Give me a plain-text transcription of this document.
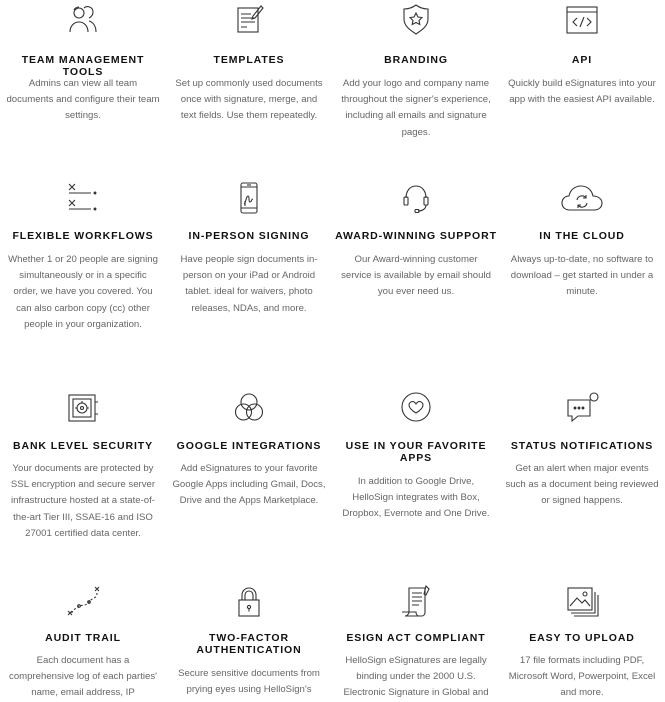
TEAM MANAGEMENT TOOLS
Admins can view all team documents and configure their team settings.
TEMPLATES
Set up commonly used documents once with signature, merge, and text fields. Use them repeatedly.
BRANDING
Add your logo and company name throughout the signer's experience, including all emails and signature pages.
API
Quickly build eSignatures into your app with the easiest API available.
FLEXIBLE WORKFLOWS
Whether 1 or 20 people are signing simultaneously or in a specific order, we have you covered. You can also carbon copy (cc) other people in your organization.
IN-PERSON SIGNING
Have people sign documents in-person on your iPad or Android tablet. ideal for waivers, photo releases, NDAs, and more.
AWARD-WINNING SUPPORT
Our Award-winning customer service is available by email should you ever need us.
IN THE CLOUD
Always up-to-date, no software to download – get started in under a minute.
BANK LEVEL SECURITY
Your documents are protected by SSL encryption and secure server infrastructure hosted at a state-of-the-art Tier III, SSAE-16 and ISO 27001 certified data center.
GOOGLE INTEGRATIONS
Add eSignatures to your favorite Google Apps including Gmail, Docs, Drive and the Apps Marketplace.
USE IN YOUR FAVORITE APPS
In addition to Google Drive, HelloSign integrates with Box, Dropbox, Evernote and One Drive.
STATUS NOTIFICATIONS
Get an alert when major events such as a document being reviewed or signed happens.
AUDIT TRAIL
Each document has a comprehensive log of each parties' name, email address, IP
TWO-FACTOR AUTHENTICATION
Secure sensitive documents from prying eyes using HelloSign's
ESIGN ACT COMPLIANT
HelloSign eSignatures are legally binding under the 2000 U.S. Electronic Signature in Global and
EASY TO UPLOAD
17 file formats including PDF, Microsoft Word, Powerpoint, Excel and more.
